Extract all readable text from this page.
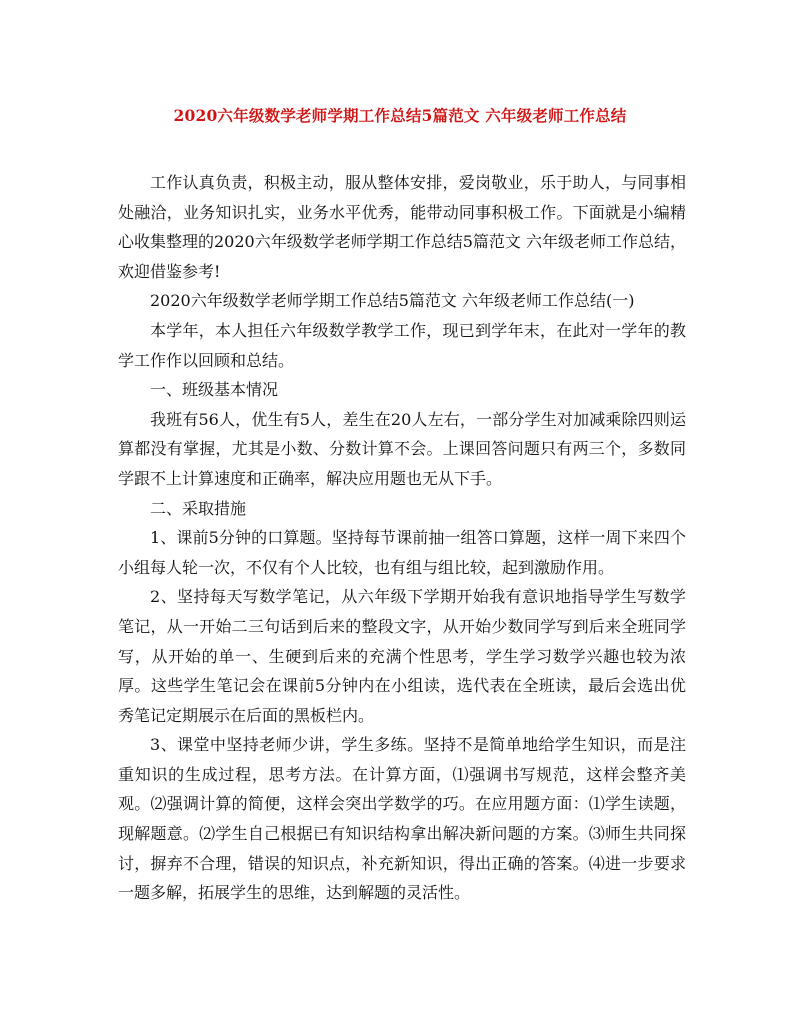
2020六年级数学老师学期工作总结5篇范文 六年级老师工作总结

工作认真负责，积极主动，服从整体安排，爱岗敬业，乐于助人，与同事相处融洽，业务知识扎实，业务水平优秀，能带动同事积极工作。下面就是小编精心收集整理的2020六年级数学老师学期工作总结5篇范文 六年级老师工作总结，欢迎借鉴参考!

2020六年级数学老师学期工作总结5篇范文 六年级老师工作总结(一)

本学年，本人担任六年级数学教学工作，现已到学年末，在此对一学年的教学工作作以回顾和总结。

一、班级基本情况

我班有56人，优生有5人，差生在20人左右，一部分学生对加减乘除四则运算都没有掌握，尤其是小数、分数计算不会。上课回答问题只有两三个，多数同学跟不上计算速度和正确率，解决应用题也无从下手。

二、采取措施

1、课前5分钟的口算题。坚持每节课前抽一组答口算题，这样一周下来四个小组每人轮一次，不仅有个人比较，也有组与组比较，起到激励作用。

2、坚持每天写数学笔记，从六年级下学期开始我有意识地指导学生写数学笔记，从一开始二三句话到后来的整段文字，从开始少数同学写到后来全班同学写，从开始的单一、生硬到后来的充满个性思考，学生学习数学兴趣也较为浓厚。这些学生笔记会在课前5分钟内在小组读，选代表在全班读，最后会选出优秀笔记定期展示在后面的黑板栏内。

3、课堂中坚持老师少讲，学生多练。坚持不是简单地给学生知识，而是注重知识的生成过程，思考方法。在计算方面，⑴强调书写规范，这样会整齐美观。⑵强调计算的简便，这样会突出学数学的巧。在应用题方面：⑴学生读题，现解题意。⑵学生自己根据已有知识结构拿出解决新问题的方案。⑶师生共同探讨，摒弃不合理，错误的知识点，补充新知识，得出正确的答案。⑷进一步要求一题多解，拓展学生的思维，达到解题的灵活性。
